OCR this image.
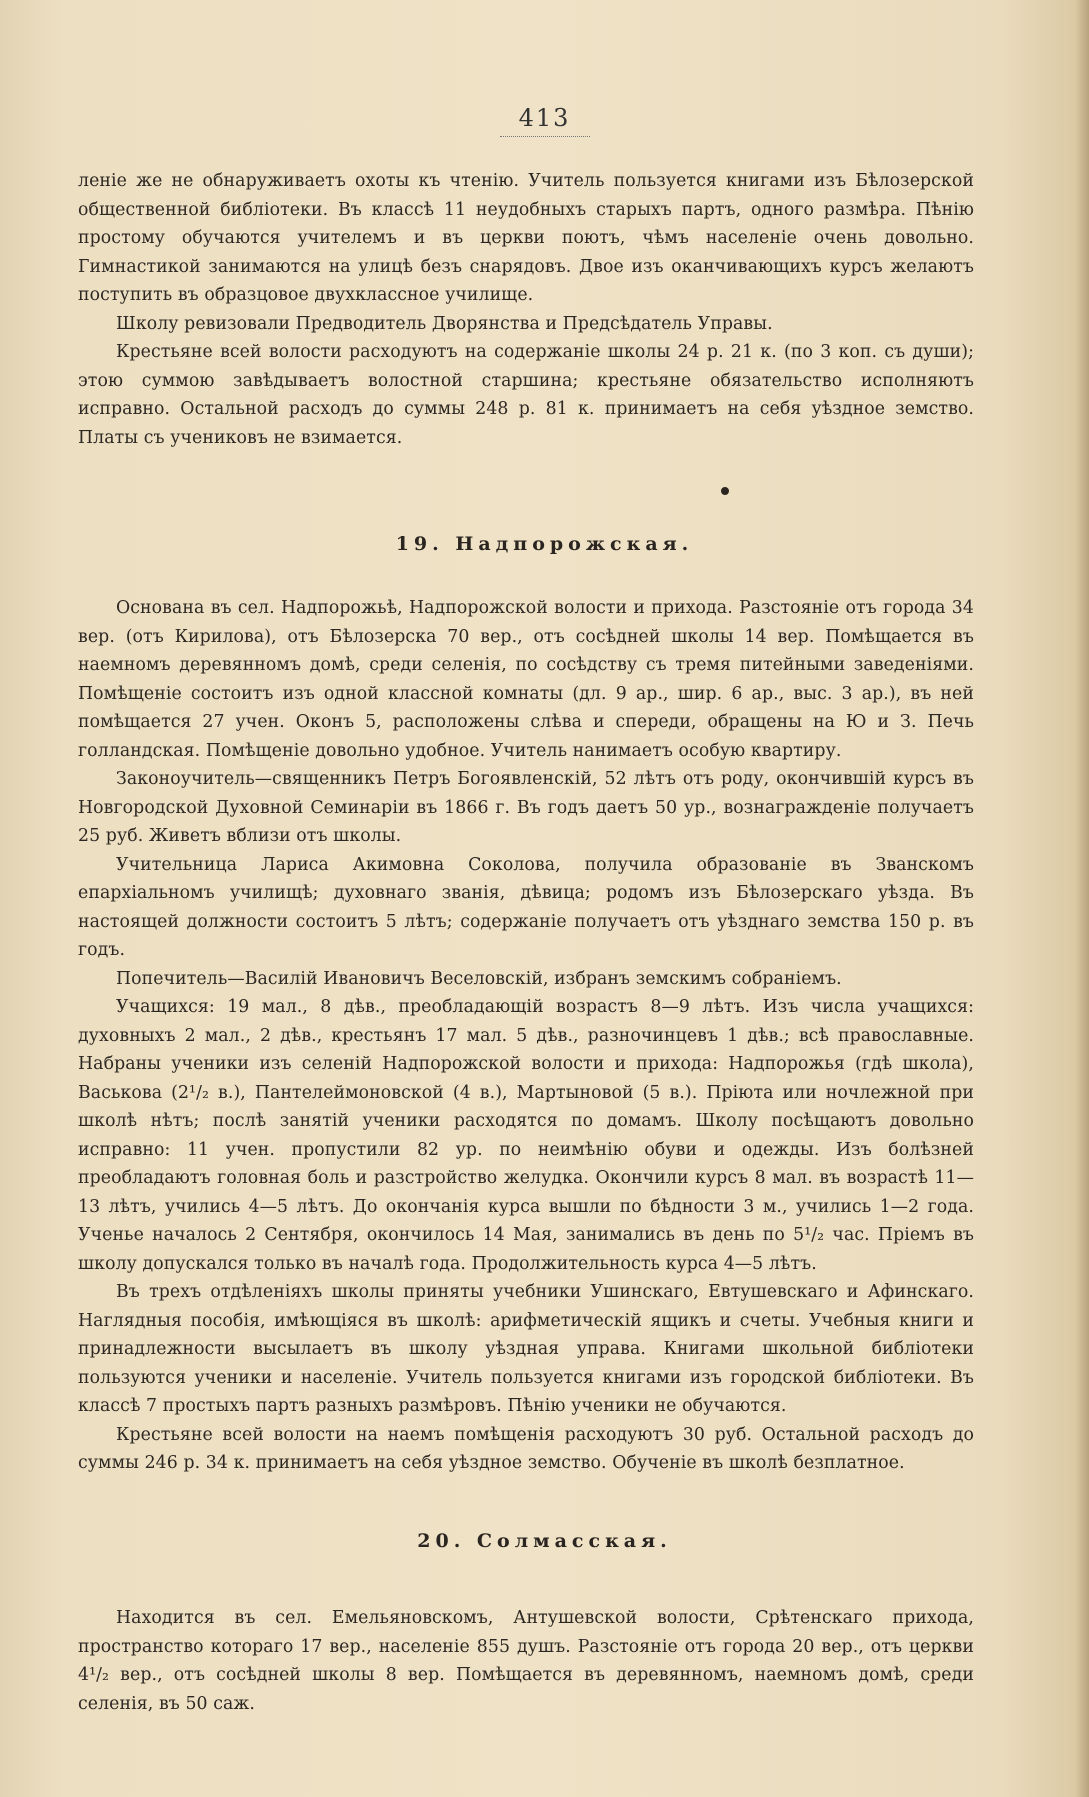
413

ленiе же не обнаруживаетъ охоты къ чтенiю. Учитель пользуется книгами изъ Бѣлозерской общественной библiотеки. Въ классѣ 11 неудобныхъ старыхъ партъ, одного размѣра. Пѣнiю простому обучаются учителемъ и въ церкви поютъ, чѣмъ населенiе очень довольно. Гимнастикой занимаются на улицѣ безъ снарядовъ. Двое изъ оканчивающихъ курсъ желаютъ поступить въ образцовое двухклассное училище.

Школу ревизовали Предводитель Дворянства и Предсѣдатель Управы.

Крестьяне всей волости расходуютъ на содержанiе школы 24 р. 21 к. (по 3 коп. съ души); этою суммою завѣдываетъ волостной старшина; крестьяне обязательство исполняютъ исправно. Остальной расходъ до суммы 248 р. 81 к. принимаетъ на себя уѣздное земство. Платы съ учениковъ не взимается.

19. Надпорожская.

Основана въ сел. Надпорожьѣ, Надпорожской волости и прихода. Разстоянiе отъ города 34 вер. (отъ Кирилова), отъ Бѣлозерска 70 вер., отъ сосѣдней школы 14 вер. Помѣщается въ наемномъ деревянномъ домѣ, среди селенiя, по сосѣдству съ тремя питейными заведенiями. Помѣщенiе состоитъ изъ одной классной комнаты (дл. 9 ар., шир. 6 ар., выс. 3 ар.), въ ней помѣщается 27 учен. Оконъ 5, расположены слѣва и спереди, обращены на Ю и З. Печь голландская. Помѣщенiе довольно удобное. Учитель нанимаетъ особую квартиру.

Законоучитель—священникъ Петръ Богоявленскiй, 52 лѣтъ отъ роду, окончившiй курсъ въ Новгородской Духовной Семинарiи въ 1866 г. Въ годъ даетъ 50 ур., вознагражденiе получаетъ 25 руб. Живетъ вблизи отъ школы.

Учительница Лариса Акимовна Соколова, получила образованiе въ Званскомъ епархiальномъ училищѣ; духовнаго званiя, дѣвица; родомъ изъ Бѣлозерскаго уѣзда. Въ настоящей должности состоитъ 5 лѣтъ; содержанiе получаетъ отъ уѣзднаго земства 150 р. въ годъ.

Попечитель—Василiй Ивановичъ Веселовскiй, избранъ земскимъ собранiемъ.

Учащихся: 19 мал., 8 дѣв., преобладающiй возрастъ 8—9 лѣтъ. Изъ числа учащихся: духовныхъ 2 мал., 2 дѣв., крестьянъ 17 мал. 5 дѣв., разночинцевъ 1 дѣв.; всѣ православные. Набраны ученики изъ селенiй Надпорожской волости и прихода: Надпорожья (гдѣ школа), Васькова (2¹/₂ в.), Пантелеймоновской (4 в.), Мартыновой (5 в.). Прiюта или ночлежной при школѣ нѣтъ; послѣ занятiй ученики расходятся по домамъ. Школу посѣщаютъ довольно исправно: 11 учен. пропустили 82 ур. по неимѣнiю обуви и одежды. Изъ болѣзней преобладаютъ головная боль и разстройство желудка. Окончили курсъ 8 мал. въ возрастѣ 11—13 лѣтъ, учились 4—5 лѣтъ. До окончанiя курса вышли по бѣдности 3 м., учились 1—2 года. Ученье началось 2 Сентября, окончилось 14 Мая, занимались въ день по 5¹/₂ час. Прiемъ въ школу допускался только въ началѣ года. Продолжительность курса 4—5 лѣтъ.

Въ трехъ отдѣленiяхъ школы приняты учебники Ушинскаго, Евтушевскаго и Афинскаго. Наглядныя пособiя, имѣющiяся въ школѣ: арифметическiй ящикъ и счеты. Учебныя книги и принадлежности высылаетъ въ школу уѣздная управа. Книгами школьной библiотеки пользуются ученики и населенiе. Учитель пользуется книгами изъ городской библiотеки. Въ классѣ 7 простыхъ партъ разныхъ размѣровъ. Пѣнiю ученики не обучаются.

Крестьяне всей волости на наемъ помѣщенiя расходуютъ 30 руб. Остальной расходъ до суммы 246 р. 34 к. принимаетъ на себя уѣздное земство. Обученiе въ школѣ безплатное.

20. Солмасская.

Находится въ сел. Емельяновскомъ, Антушевской волости, Срѣтенскаго прихода, пространство котораго 17 вер., населенiе 855 душъ. Разстоянiе отъ города 20 вер., отъ церкви 4¹/₂ вер., отъ сосѣдней школы 8 вер. Помѣщается въ деревянномъ, наемномъ домѣ, среди селенiя, въ 50 саж.
